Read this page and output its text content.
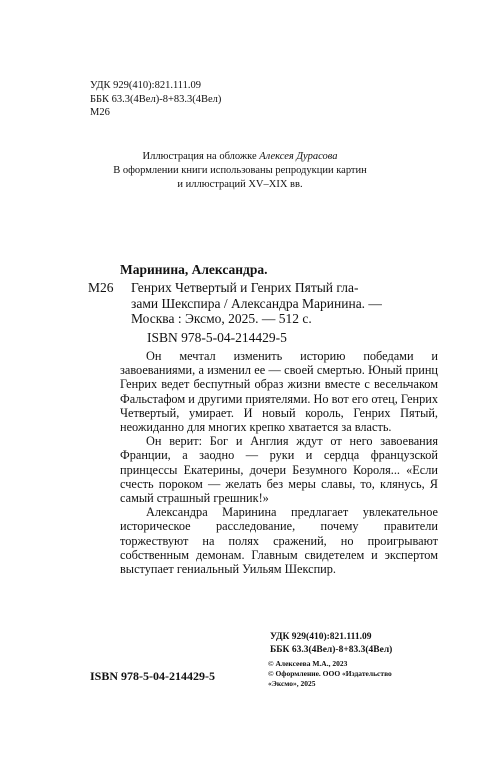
УДК 929(410):821.111.09
ББК 63.3(4Вел)-8+83.3(4Вел)
М26
Иллюстрация на обложке Алексея Дурасова
В оформлении книги использованы репродукции картин
и иллюстраций XV–XIX вв.
Маринина, Александра.
М26 Генрих Четвертый и Генрих Пятый гла-
зами Шекспира / Александра Маринина. —
Москва : Эксмо, 2025. — 512 с.
ISBN 978-5-04-214429-5

Он мечтал изменить историю победами и завоеваниями, а изменил ее — своей смертью. Юный принц Генрих ведет беспутный образ жизни вместе с весельчаком Фальстафом и другими приятелями. Но вот его отец, Генрих Четвертый, умирает. И новый король, Генрих Пятый, неожиданно для многих крепко хватается за власть.

Он верит: Бог и Англия ждут от него завоевания Франции, а заодно — руки и сердца французской принцессы Екатерины, дочери Безумного Короля... «Если счесть пороком — желать без меры славы, то, клянусь, Я самый страшный грешник!»

Александра Маринина предлагает увлекательное историческое расследование, почему правители торжествуют на полях сражений, но проигрывают собственным демонам. Главным свидетелем и экспертом выступает гениальный Уильям Шекспир.

УДК 929(410):821.111.09
ББК 63.3(4Вел)-8+83.3(4Вел)
ISBN 978-5-04-214429-5
© Алексеева М.А., 2023
© Оформление. ООО «Издательство
«Эксмо», 2025
